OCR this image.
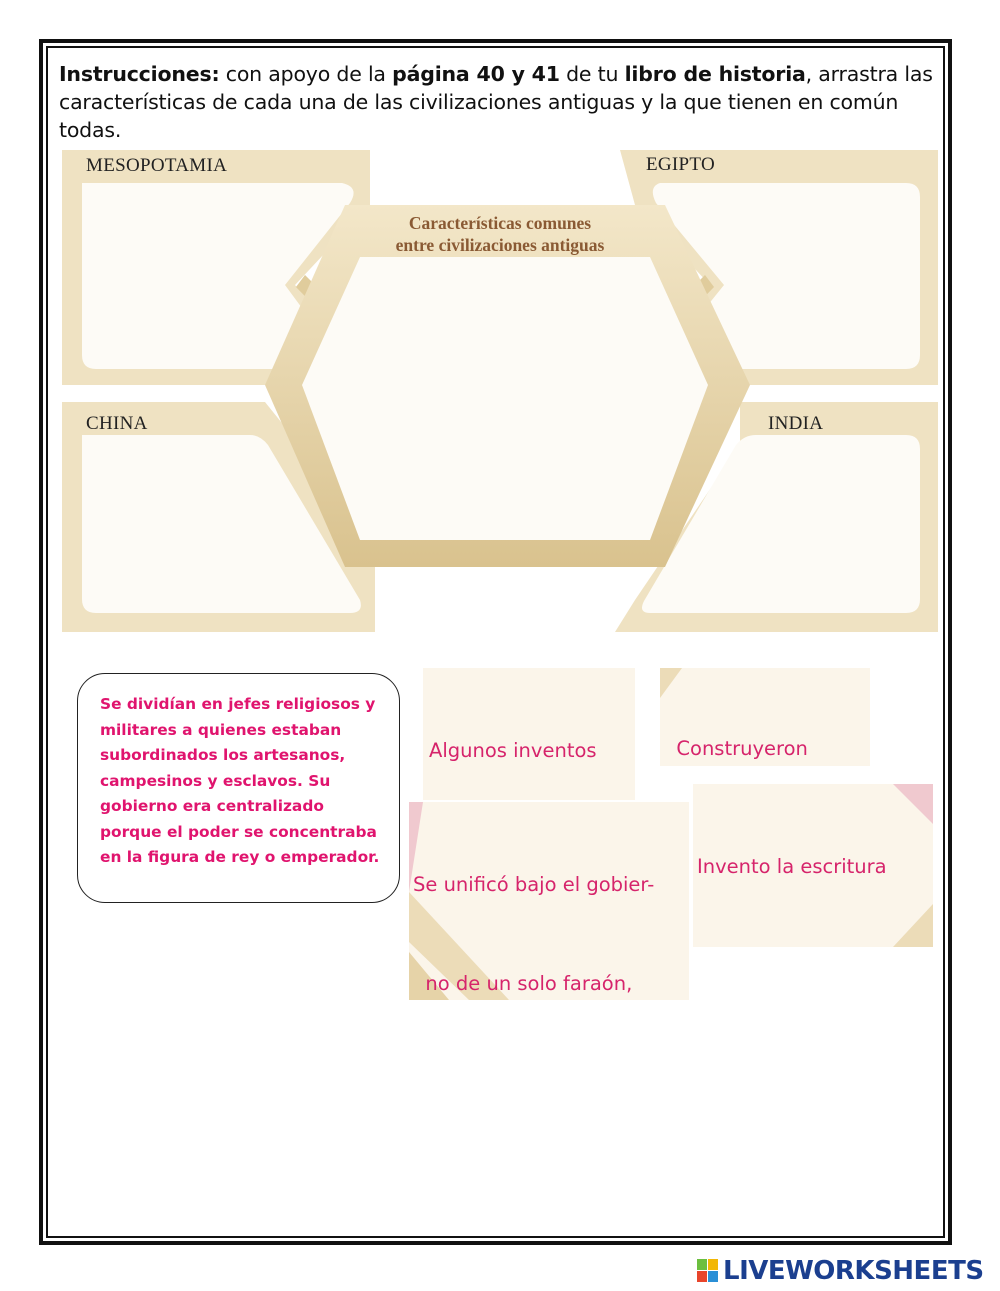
Instrucciones: con apoyo de la página 40 y 41 de tu libro de historia, arrastra las características de cada una de las civilizaciones antiguas y la que tienen en común todas.
MESOPOTAMIA	EGIPTO
CHINA	INDIA
Características comunes
entre civilizaciones antiguas
Se dividían en jefes religiosos y militares a quienes estaban subordinados los artesanos, campesinos y esclavos. Su gobierno era centralizado porque el poder se concentraba en la figura de rey o emperador.

Algunos inventos

	Construyeron

Se unificó bajo el gobier-

no de un solo faraón,

Invento la escritura

LIVEWORKSHEETS
